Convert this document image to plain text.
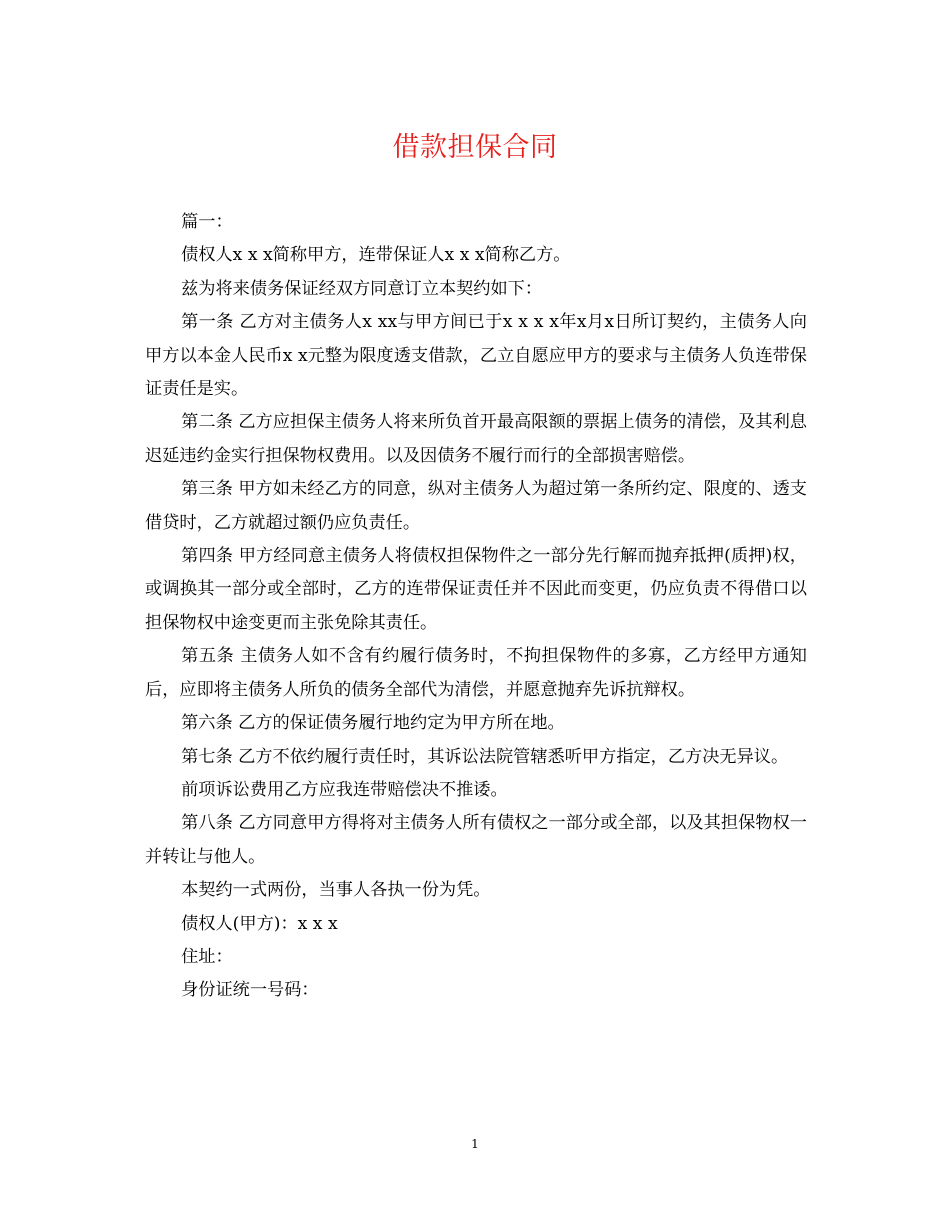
借款担保合同

篇一：

债权人x x x简称甲方，连带保证人x x x简称乙方。

兹为将来债务保证经双方同意订立本契约如下：

第一条 乙方对主债务人x xx与甲方间已于x x x x年x月x日所订契约，主债务人向甲方以本金人民币x x元整为限度透支借款，乙立自愿应甲方的要求与主债务人负连带保证责任是实。

第二条 乙方应担保主债务人将来所负首开最高限额的票据上债务的清偿，及其利息迟延违约金实行担保物权费用。以及因债务不履行而行的全部损害赔偿。

第三条 甲方如未经乙方的同意，纵对主债务人为超过第一条所约定、限度的、透支借贷时，乙方就超过额仍应负责任。

第四条 甲方经同意主债务人将债权担保物件之一部分先行解而抛弃抵押(质押)权，或调换其一部分或全部时，乙方的连带保证责任并不因此而变更，仍应负责不得借口以担保物权中途变更而主张免除其责任。

第五条 主债务人如不含有约履行债务时，不拘担保物件的多寡，乙方经甲方通知后，应即将主债务人所负的债务全部代为清偿，并愿意抛弃先诉抗辩权。

第六条 乙方的保证债务履行地约定为甲方所在地。

第七条 乙方不依约履行责任时，其诉讼法院管辖悉听甲方指定，乙方决无异议。

前项诉讼费用乙方应我连带赔偿决不推诿。

第八条 乙方同意甲方得将对主债务人所有债权之一部分或全部，以及其担保物权一并转让与他人。

本契约一式两份，当事人各执一份为凭。

债权人(甲方)：x x x

住址：

身份证统一号码：

1
